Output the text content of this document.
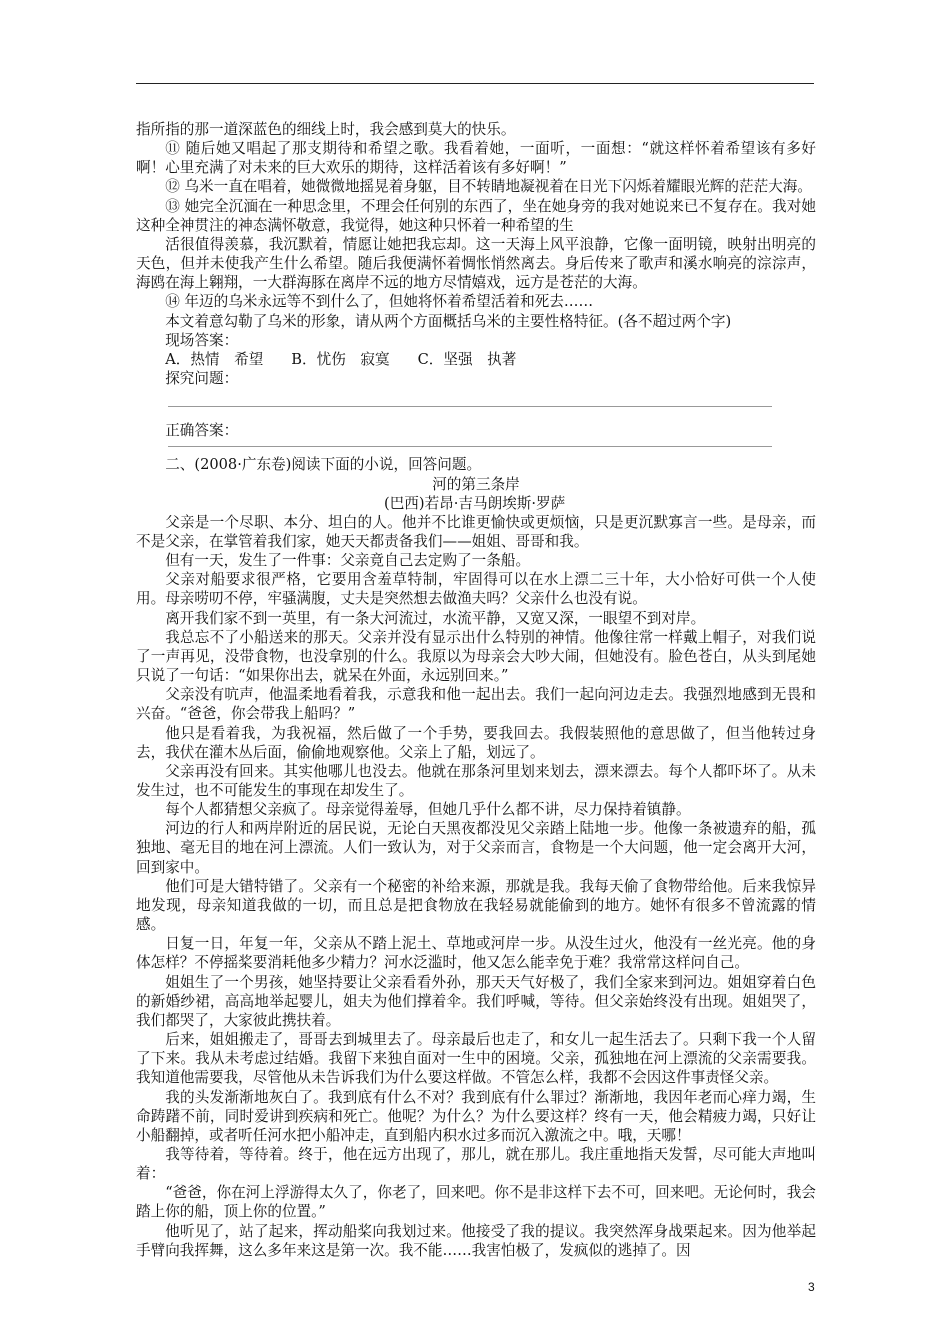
指所指的那一道深蓝色的细线上时，我会感到莫大的快乐。

⑪ 随后她又唱起了那支期待和希望之歌。我看着她，一面听，一面想：“就这样怀着希望该有多好啊！心里充满了对未来的巨大欢乐的期待，这样活着该有多好啊！”

⑫ 乌米一直在唱着，她微微地摇晃着身躯，目不转睛地凝视着在日光下闪烁着耀眼光辉的茫茫大海。

⑬ 她完全沉湎在一种思念里，不理会任何别的东西了，坐在她身旁的我对她说来已不复存在。我对她这种全神贯注的神态满怀敬意，我觉得，她这种只怀着一种希望的生

活很值得羡慕，我沉默着，情愿让她把我忘却。这一天海上风平浪静，它像一面明镜，映射出明亮的天色，但并未使我产生什么希望。随后我便满怀着惆怅悄然离去。身后传来了歌声和溪水响亮的淙淙声，海鸥在海上翱翔，一大群海豚在离岸不远的地方尽情嬉戏，远方是苍茫的大海。

⑭ 年迈的乌米永远等不到什么了，但她将怀着希望活着和死去……

本文着意勾勒了乌米的形象，请从两个方面概括乌米的主要性格特征。(各不超过两个字)

现场答案：

A．热情　希望 B．忧伤　寂寞 C．坚强　执著

探究问题：

正确答案：

二、(2008·广东卷)阅读下面的小说，回答问题。

河的第三条岸

(巴西)若昂·吉马朗埃斯·罗萨

父亲是一个尽职、本分、坦白的人。他并不比谁更愉快或更烦恼，只是更沉默寡言一些。是母亲，而不是父亲，在掌管着我们家，她天天都责备我们——姐姐、哥哥和我。

但有一天，发生了一件事：父亲竟自己去定购了一条船。

父亲对船要求很严格，它要用含羞草特制，牢固得可以在水上漂二三十年，大小恰好可供一个人使用。母亲唠叨不停，牢骚满腹，丈夫是突然想去做渔夫吗？父亲什么也没有说。

离开我们家不到一英里，有一条大河流过，水流平静，又宽又深，一眼望不到对岸。

我总忘不了小船送来的那天。父亲并没有显示出什么特别的神情。他像往常一样戴上帽子，对我们说了一声再见，没带食物，也没拿别的什么。我原以为母亲会大吵大闹，但她没有。脸色苍白，从头到尾她只说了一句话：“如果你出去，就呆在外面，永远别回来。”

父亲没有吭声，他温柔地看着我，示意我和他一起出去。我们一起向河边走去。我强烈地感到无畏和兴奋。“爸爸，你会带我上船吗？”

他只是看着我，为我祝福，然后做了一个手势，要我回去。我假装照他的意思做了，但当他转过身去，我伏在灌木丛后面，偷偷地观察他。父亲上了船，划远了。

父亲再没有回来。其实他哪儿也没去。他就在那条河里划来划去，漂来漂去。每个人都吓坏了。从未发生过，也不可能发生的事现在却发生了。

每个人都猜想父亲疯了。母亲觉得羞辱，但她几乎什么都不讲，尽力保持着镇静。

河边的行人和两岸附近的居民说，无论白天黑夜都没见父亲踏上陆地一步。他像一条被遗弃的船，孤独地、毫无目的地在河上漂流。人们一致认为，对于父亲而言，食物是一个大问题，他一定会离开大河，回到家中。

他们可是大错特错了。父亲有一个秘密的补给来源，那就是我。我每天偷了食物带给他。后来我惊异地发现，母亲知道我做的一切，而且总是把食物放在我轻易就能偷到的地方。她怀有很多不曾流露的情感。

日复一日，年复一年，父亲从不踏上泥土、草地或河岸一步。从没生过火，他没有一丝光亮。他的身体怎样？不停摇桨要消耗他多少精力？河水泛滥时，他又怎么能幸免于难？我常常这样问自己。

姐姐生了一个男孩，她坚持要让父亲看看外孙，那天天气好极了，我们全家来到河边。姐姐穿着白色的新婚纱裙，高高地举起婴儿，姐夫为他们撑着伞。我们呼喊，等待。但父亲始终没有出现。姐姐哭了，我们都哭了，大家彼此携扶着。

后来，姐姐搬走了，哥哥去到城里去了。母亲最后也走了，和女儿一起生活去了。只剩下我一个人留了下来。我从未考虑过结婚。我留下来独自面对一生中的困境。父亲，孤独地在河上漂流的父亲需要我。我知道他需要我，尽管他从未告诉我们为什么要这样做。不管怎么样，我都不会因这件事责怪父亲。

我的头发渐渐地灰白了。我到底有什么不对？我到底有什么罪过？渐渐地，我因年老而心痒力竭，生命踌躇不前，同时爱讲到疾病和死亡。他呢？为什么？为什么要这样？终有一天，他会精疲力竭，只好让小船翻掉，或者听任河水把小船冲走，直到船内积水过多而沉入激流之中。哦，天哪！

我等待着，等待着。终于，他在远方出现了，那儿，就在那儿。我庄重地指天发誓，尽可能大声地叫着：

“爸爸，你在河上浮游得太久了，你老了，回来吧。你不是非这样下去不可，回来吧。无论何时，我会踏上你的船，顶上你的位置。”

他听见了，站了起来，挥动船桨向我划过来。他接受了我的提议。我突然浑身战栗起来。因为他举起手臂向我挥舞，这么多年来这是第一次。我不能……我害怕极了，发疯似的逃掉了。因

3
